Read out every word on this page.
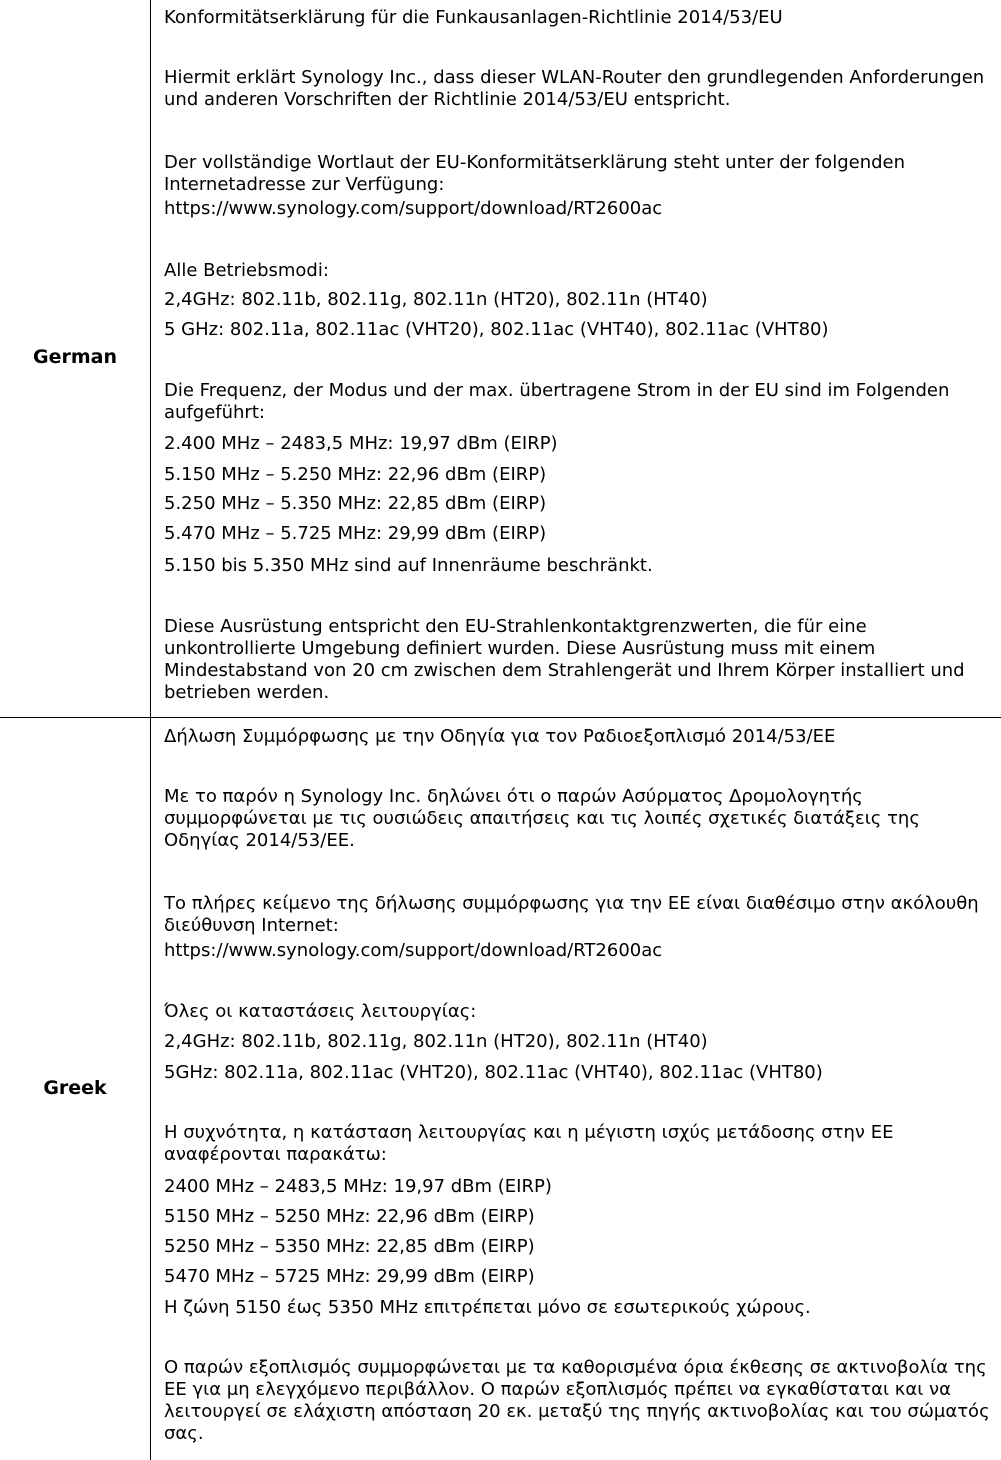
German
Konformitätserklärung für die Funkausanlagen-Richtlinie 2014/53/EU
Hiermit erklärt Synology Inc., dass dieser WLAN-Router den grundlegenden Anforderungen und anderen Vorschriften der Richtlinie 2014/53/EU entspricht.
Der vollständige Wortlaut der EU-Konformitätserklärung steht unter der folgenden Internetadresse zur Verfügung:
https://www.synology.com/support/download/RT2600ac
Alle Betriebsmodi:
2,4GHz: 802.11b, 802.11g, 802.11n (HT20), 802.11n (HT40)
5 GHz: 802.11a, 802.11ac (VHT20), 802.11ac (VHT40), 802.11ac (VHT80)
Die Frequenz, der Modus und der max. übertragene Strom in der EU sind im Folgenden aufgeführt:
2.400 MHz – 2483,5 MHz: 19,97 dBm (EIRP)
5.150 MHz – 5.250 MHz: 22,96 dBm (EIRP)
5.250 MHz – 5.350 MHz: 22,85 dBm (EIRP)
5.470 MHz – 5.725 MHz: 29,99 dBm (EIRP)
5.150 bis 5.350 MHz sind auf Innenräume beschränkt.
Diese Ausrüstung entspricht den EU-Strahlenkontaktgrenzwerten, die für eine unkontrollierte Umgebung definiert wurden. Diese Ausrüstung muss mit einem Mindestabstand von 20 cm zwischen dem Strahlengerät und Ihrem Körper installiert und betrieben werden.
Greek
Δήλωση Συμμόρφωσης με την Οδηγία για τον Ραδιοεξοπλισμό 2014/53/ΕΕ
Με το παρόν η Synology Inc. δηλώνει ότι ο παρών Ασύρματος Δρομολογητής συμμορφώνεται με τις ουσιώδεις απαιτήσεις και τις λοιπές σχετικές διατάξεις της Οδηγίας 2014/53/ΕΕ.
Το πλήρες κείμενο της δήλωσης συμμόρφωσης για την ΕΕ είναι διαθέσιμο στην ακόλουθη διεύθυνση Internet:
https://www.synology.com/support/download/RT2600ac
Όλες οι καταστάσεις λειτουργίας:
2,4GHz: 802.11b, 802.11g, 802.11n (HT20), 802.11n (HT40)
5GHz: 802.11a, 802.11ac (VHT20), 802.11ac (VHT40), 802.11ac (VHT80)
Η συχνότητα, η κατάσταση λειτουργίας και η μέγιστη ισχύς μετάδοσης στην ΕΕ αναφέρονται παρακάτω:
2400 MHz – 2483,5 MHz: 19,97 dBm (EIRP)
5150 MHz – 5250 MHz: 22,96 dBm (EIRP)
5250 MHz – 5350 MHz: 22,85 dBm (EIRP)
5470 MHz – 5725 MHz: 29,99 dBm (EIRP)
Η ζώνη 5150 έως 5350 MHz επιτρέπεται μόνο σε εσωτερικούς χώρους.
Ο παρών εξοπλισμός συμμορφώνεται με τα καθορισμένα όρια έκθεσης σε ακτινοβολία της ΕΕ για μη ελεγχόμενο περιβάλλον. Ο παρών εξοπλισμός πρέπει να εγκαθίσταται και να λειτουργεί σε ελάχιστη απόσταση 20 εκ. μεταξύ της πηγής ακτινοβολίας και του σώματός σας.
